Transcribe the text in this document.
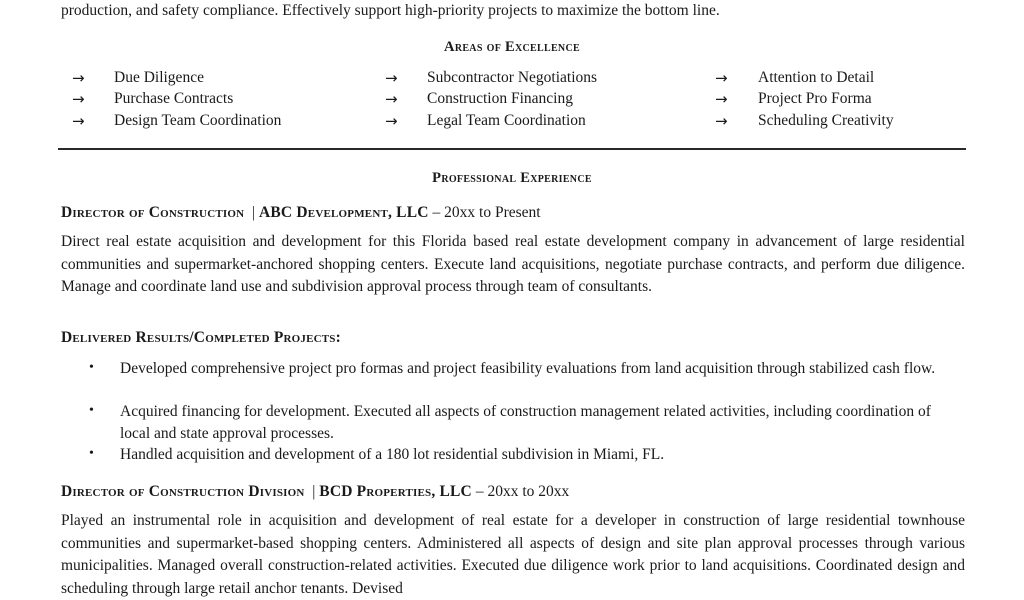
production, and safety compliance. Effectively support high-priority projects to maximize the bottom line.
Areas of Excellence
→ Due Diligence
→ Purchase Contracts
→ Design Team Coordination
→ Subcontractor Negotiations
→ Construction Financing
→ Legal Team Coordination
→ Attention to Detail
→ Project Pro Forma
→ Scheduling Creativity
Professional Experience
Director of Construction | ABC Development, LLC – 20xx to Present
Direct real estate acquisition and development for this Florida based real estate development company in advancement of large residential communities and supermarket-anchored shopping centers. Execute land acquisitions, negotiate purchase contracts, and perform due diligence. Manage and coordinate land use and subdivision approval process through team of consultants.
Delivered Results/Completed Projects:
• Developed comprehensive project pro formas and project feasibility evaluations from land acquisition through stabilized cash flow.
• Acquired financing for development. Executed all aspects of construction management related activities, including coordination of local and state approval processes.
• Handled acquisition and development of a 180 lot residential subdivision in Miami, FL.
Director of Construction Division | BCD Properties, LLC – 20xx to 20xx
Played an instrumental role in acquisition and development of real estate for a developer in construction of large residential townhouse communities and supermarket-based shopping centers. Administered all aspects of design and site plan approval processes through various municipalities. Managed overall construction-related activities. Executed due diligence work prior to land acquisitions. Coordinated design and scheduling through large retail anchor tenants. Devised
